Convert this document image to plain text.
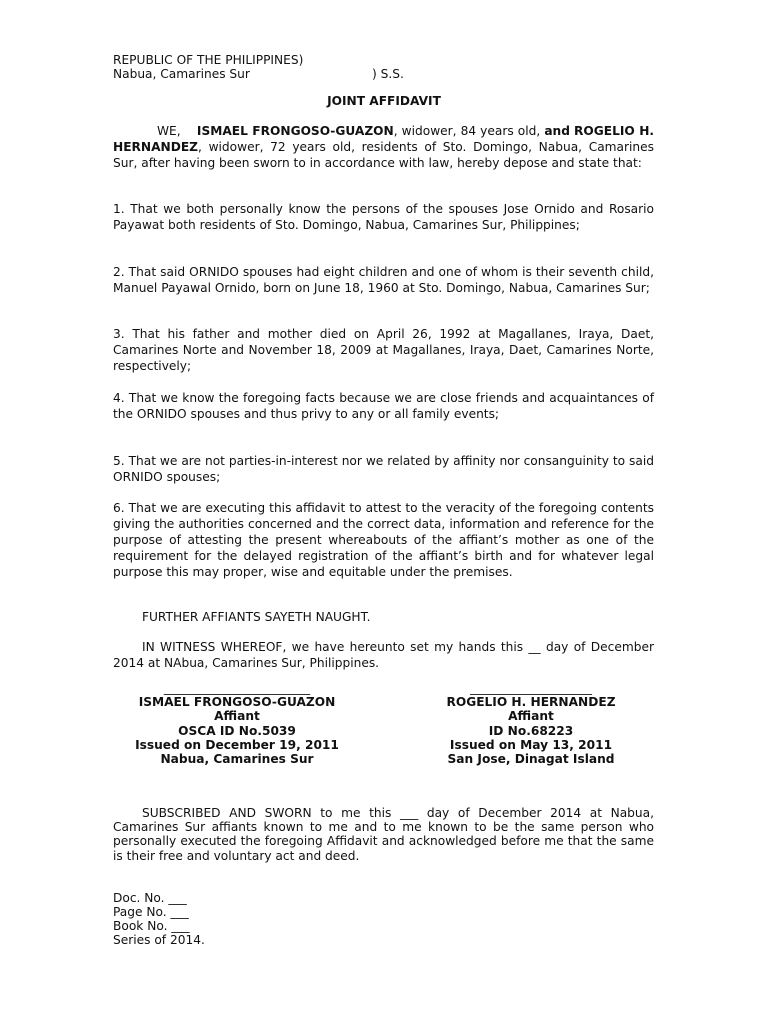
REPUBLIC OF THE PHILIPPINES)
Nabua, Camarines Sur	) S.S.
JOINT AFFIDAVIT
WE, ISMAEL FRONGOSO-GUAZON, widower, 84 years old, and ROGELIO H. HERNANDEZ, widower, 72 years old, residents of Sto. Domingo, Nabua, Camarines Sur, after having been sworn to in accordance with law, hereby depose and state that:
1. That we both personally know the persons of the spouses Jose Ornido and Rosario Payawat both residents of Sto. Domingo, Nabua, Camarines Sur, Philippines;
2. That said ORNIDO spouses had eight children and one of whom is their seventh child, Manuel Payawal Ornido, born on June 18, 1960 at Sto. Domingo, Nabua, Camarines Sur;
3. That his father and mother died on April 26, 1992 at Magallanes, Iraya, Daet, Camarines Norte and November 18, 2009 at Magallanes, Iraya, Daet, Camarines Norte, respectively;
4. That we know the foregoing facts because we are close friends and acquaintances of the ORNIDO spouses and thus privy to any or all family events;
5. That we are not parties-in-interest nor we related by affinity nor consanguinity to said ORNIDO spouses;
6. That we are executing this affidavit to attest to the veracity of the foregoing contents giving the authorities concerned and the correct data, information and reference for the purpose of attesting the present whereabouts of the affiant’s mother as one of the requirement for the delayed registration of the affiant’s birth and for whatever legal purpose this may proper, wise and equitable under the premises.
FURTHER AFFIANTS SAYETH NAUGHT.
IN WITNESS WHEREOF, we have hereunto set my hands this __ day of December 2014 at NAbua, Camarines Sur, Philippines.
________________________
ISMAEL FRONGOSO-GUAZON
Affiant
OSCA ID No.5039
Issued on December 19, 2011
Nabua, Camarines Sur
____________________
ROGELIO H. HERNANDEZ
Affiant
ID No.68223
Issued on May 13, 2011
San Jose, Dinagat Island
SUBSCRIBED AND SWORN to me this ___ day of December 2014 at Nabua, Camarines Sur affiants known to me and to me known to be the same person who personally executed the foregoing Affidavit and acknowledged before me that the same is their free and voluntary act and deed.
Doc. No. ___
Page No. ___
Book No. ___
Series of 2014.
